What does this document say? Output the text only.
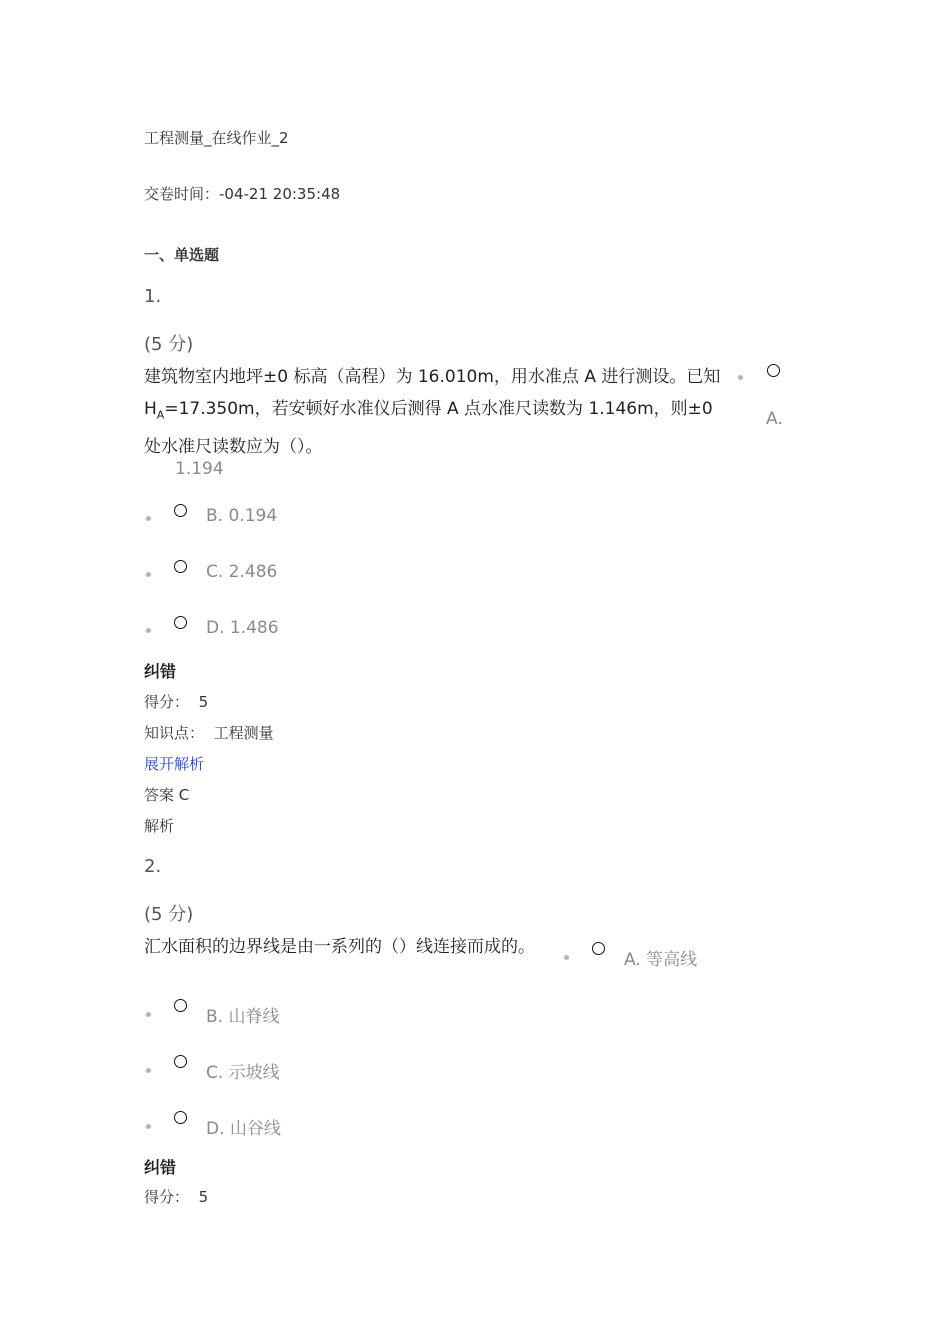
工程测量_在线作业_2
交卷时间：-04-21 20:35:48
一、单选题
1.
(5 分)
建筑物室内地坪±0 标高（高程）为 16.010m，用水准点 A 进行测设。已知
$H_A=17.350m$，若安顿好水准仪后测得 A 点水准尺读数为 1.146m，则±0
处水准尺读数应为（）。
A.
1.194
B. 0.194
C. 2.486
D. 1.486
纠错
得分： 5
知识点： 工程测量
展开解析
答案 C
解析
2.
(5 分)
汇水面积的边界线是由一系列的（）线连接而成的。
A. 等高线
B. 山脊线
C. 示坡线
D. 山谷线
纠错
得分： 5
